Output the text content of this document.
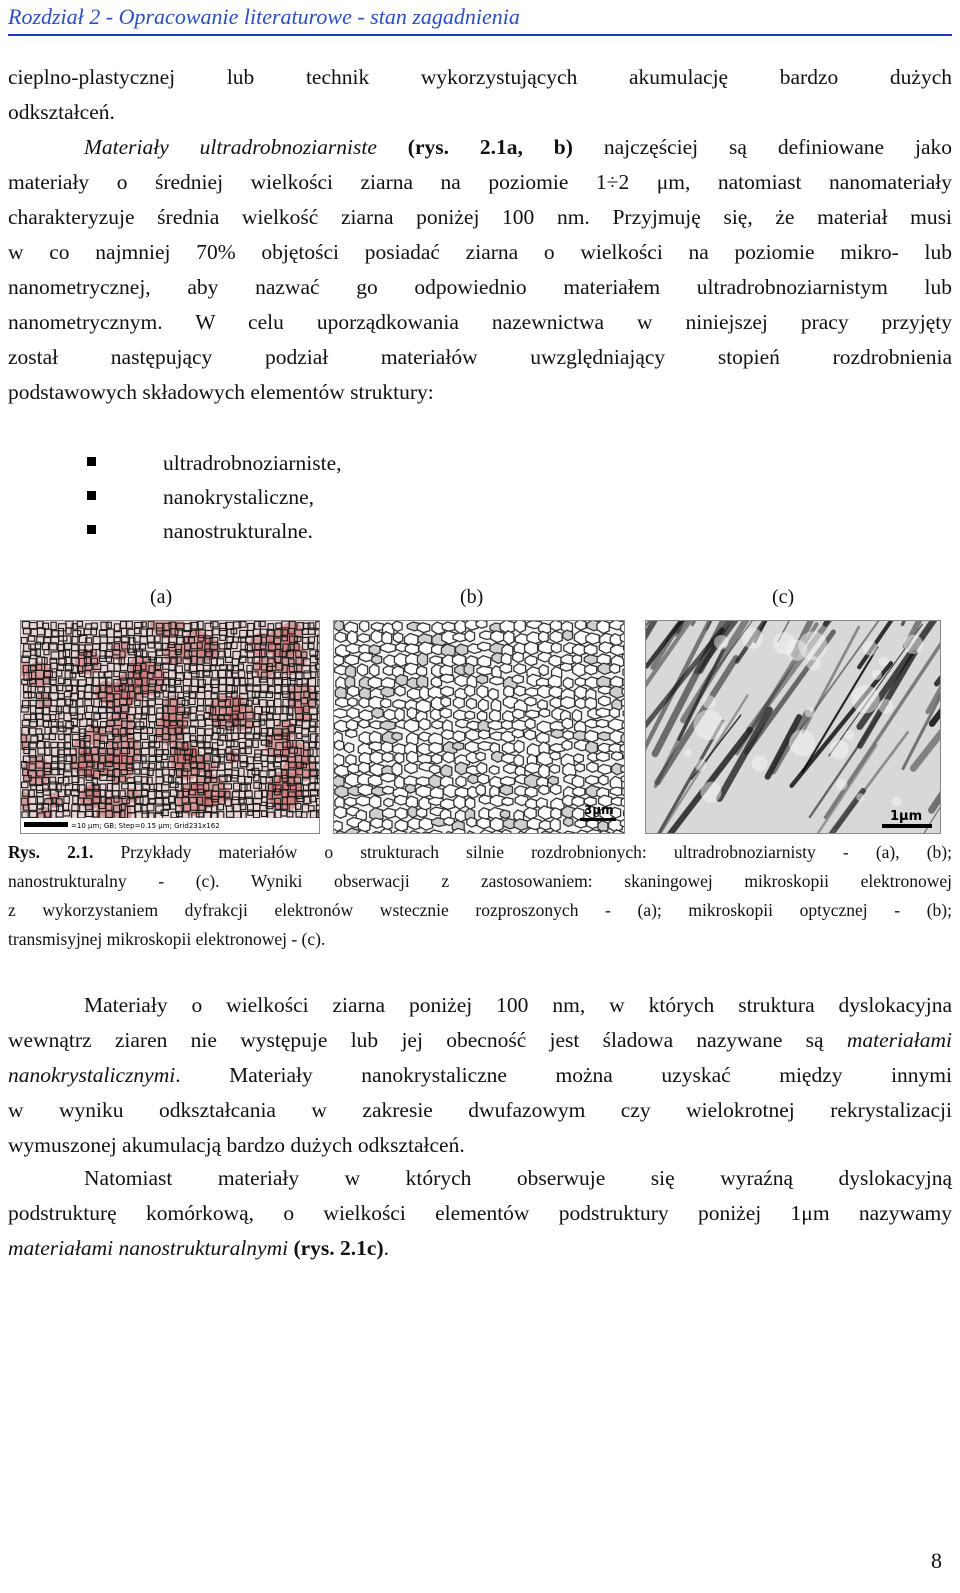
Rozdział 2 - Opracowanie literaturowe - stan zagadnienia
cieplno-plastycznej lub technik wykorzystujących akumulację bardzo dużych
odkształceń.
Materiały ultradrobnoziarniste (rys. 2.1a, b) najczęściej są definiowane jako
materiały o średniej wielkości ziarna na poziomie 1÷2 μm, natomiast nanomateriały
charakteryzuje średnia wielkość ziarna poniżej 100 nm. Przyjmuję się, że materiał musi
w co najmniej 70% objętości posiadać ziarna o wielkości na poziomie mikro- lub
nanometrycznej, aby nazwać go odpowiednio materiałem ultradrobnoziarnistym lub
nanometrycznym. W celu uporządkowania nazewnictwa w niniejszej pracy przyjęty
został następujący podział materiałów uwzględniający stopień rozdrobnienia
podstawowych składowych elementów struktury:
ultradrobnoziarniste,
nanokrystaliczne,
nanostrukturalne.
(a)	(b)	(c)
=10 μm; GB; Step=0.15 μm; Grid231x162
3μm	1μm
Rys. 2.1. Przykłady materiałów o strukturach silnie rozdrobnionych: ultradrobnoziarnisty - (a), (b);
nanostrukturalny - (c). Wyniki obserwacji z zastosowaniem: skaningowej mikroskopii elektronowej
z wykorzystaniem dyfrakcji elektronów wstecznie rozproszonych - (a); mikroskopii optycznej - (b);
transmisyjnej mikroskopii elektronowej - (c).
Materiały o wielkości ziarna poniżej 100 nm, w których struktura dyslokacyjna
wewnątrz ziaren nie występuje lub jej obecność jest śladowa nazywane są materiałami
nanokrystalicznymi. Materiały nanokrystaliczne można uzyskać między innymi
w wyniku odkształcania w zakresie dwufazowym czy wielokrotnej rekrystalizacji
wymuszonej akumulacją bardzo dużych odkształceń.
Natomiast materiały w których obserwuje się wyraźną dyslokacyjną
podstrukturę komórkową, o wielkości elementów podstruktury poniżej 1μm nazywamy
materiałami nanostrukturalnymi (rys. 2.1c).
8
